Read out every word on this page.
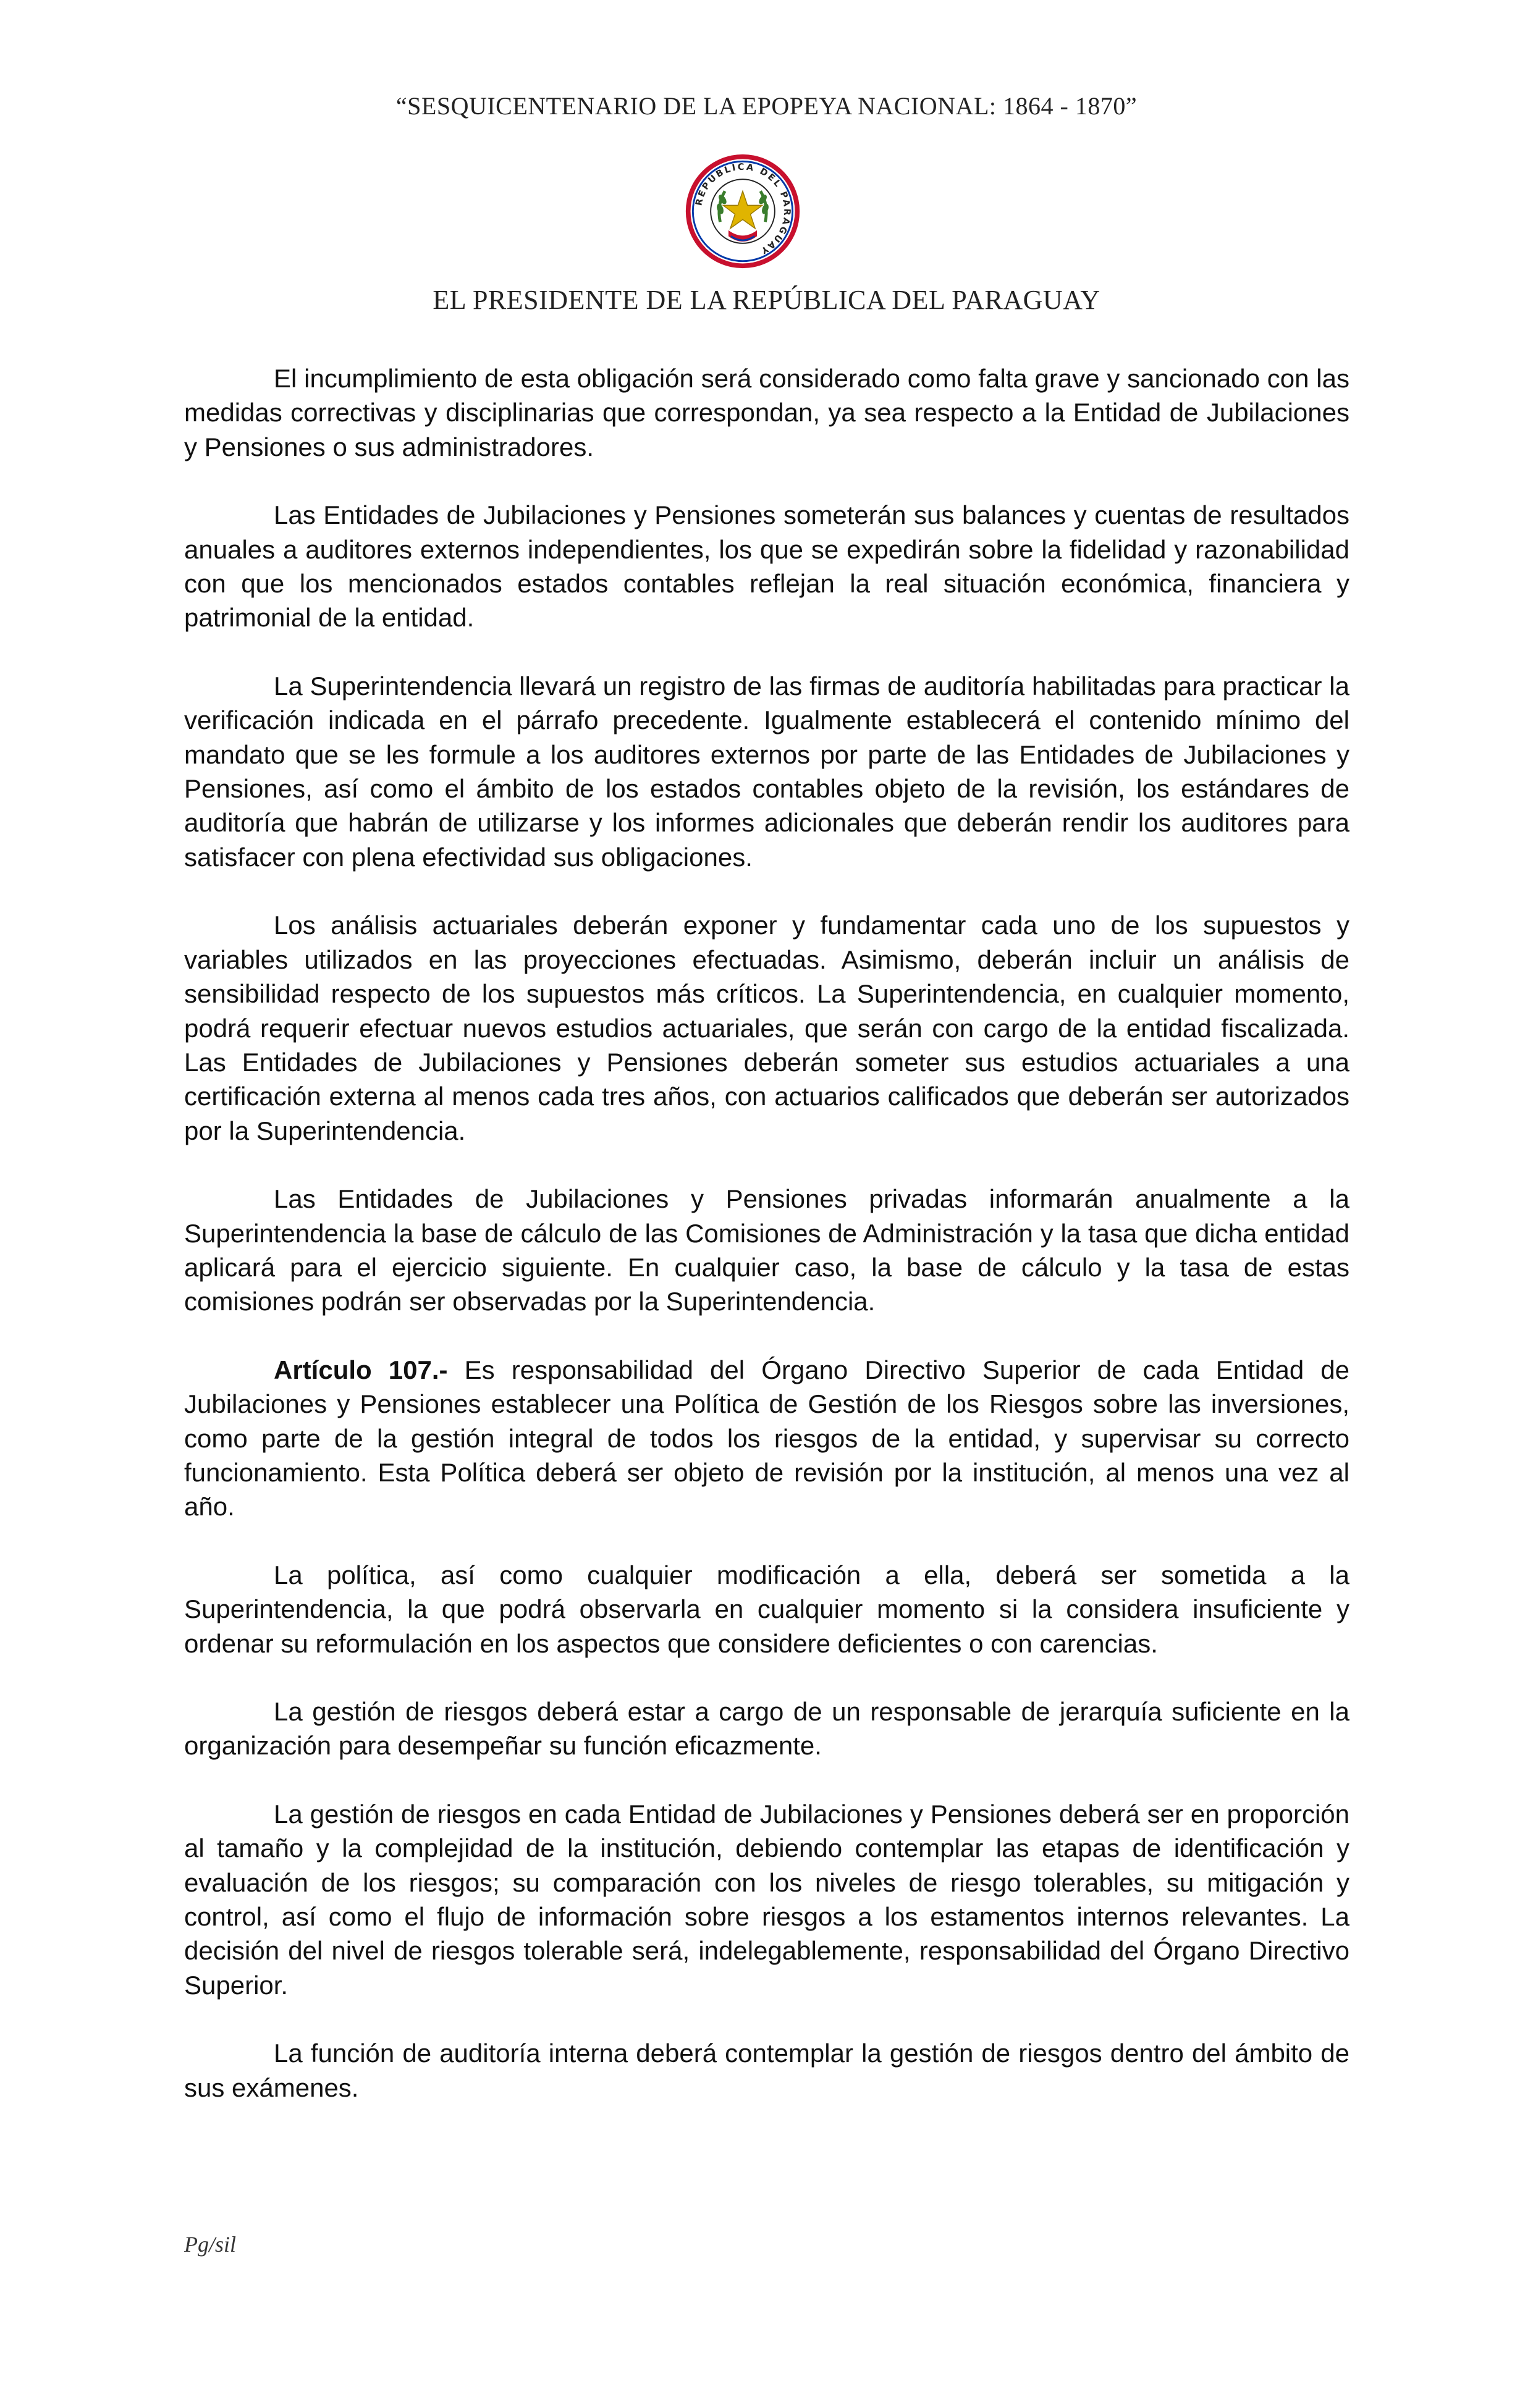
“SESQUICENTENARIO DE LA EPOPEYA NACIONAL: 1864 - 1870”
REPUBLICA DEL PARAGUAY
EL PRESIDENTE DE LA REPÚBLICA DEL PARAGUAY

El incumplimiento de esta obligación será considerado como falta grave y sancionado con las medidas correctivas y disciplinarias que correspondan, ya sea respecto a la Entidad de Jubilaciones y Pensiones o sus administradores.

Las Entidades de Jubilaciones y Pensiones someterán sus balances y cuentas de resultados anuales a auditores externos independientes, los que se expedirán sobre la fidelidad y razonabilidad con que los mencionados estados contables reflejan la real situación económica, financiera y patrimonial de la entidad.

La Superintendencia llevará un registro de las firmas de auditoría habilitadas para practicar la verificación indicada en el párrafo precedente. Igualmente establecerá el contenido mínimo del mandato que se les formule a los auditores externos por parte de las Entidades de Jubilaciones y Pensiones, así como el ámbito de los estados contables objeto de la revisión, los estándares de auditoría que habrán de utilizarse y los informes adicionales que deberán rendir los auditores para satisfacer con plena efectividad sus obligaciones.

Los análisis actuariales deberán exponer y fundamentar cada uno de los supuestos y variables utilizados en las proyecciones efectuadas. Asimismo, deberán incluir un análisis de sensibilidad respecto de los supuestos más críticos. La Superintendencia, en cualquier momento, podrá requerir efectuar nuevos estudios actuariales, que serán con cargo de la entidad fiscalizada. Las Entidades de Jubilaciones y Pensiones deberán someter sus estudios actuariales a una certificación externa al menos cada tres años, con actuarios calificados que deberán ser autorizados por la Superintendencia.

Las Entidades de Jubilaciones y Pensiones privadas informarán anualmente a la Superintendencia la base de cálculo de las Comisiones de Administración y la tasa que dicha entidad aplicará para el ejercicio siguiente. En cualquier caso, la base de cálculo y la tasa de estas comisiones podrán ser observadas por la Superintendencia.

Artículo 107.- Es responsabilidad del Órgano Directivo Superior de cada Entidad de Jubilaciones y Pensiones establecer una Política de Gestión de los Riesgos sobre las inversiones, como parte de la gestión integral de todos los riesgos de la entidad, y supervisar su correcto funcionamiento. Esta Política deberá ser objeto de revisión por la institución, al menos una vez al año.

La política, así como cualquier modificación a ella, deberá ser sometida a la Superintendencia, la que podrá observarla en cualquier momento si la considera insuficiente y ordenar su reformulación en los aspectos que considere deficientes o con carencias.

La gestión de riesgos deberá estar a cargo de un responsable de jerarquía suficiente en la organización para desempeñar su función eficazmente.

La gestión de riesgos en cada Entidad de Jubilaciones y Pensiones deberá ser en proporción al tamaño y la complejidad de la institución, debiendo contemplar las etapas de identificación y evaluación de los riesgos; su comparación con los niveles de riesgo tolerables, su mitigación y control, así como el flujo de información sobre riesgos a los estamentos internos relevantes. La decisión del nivel de riesgos tolerable será, indelegablemente, responsabilidad del Órgano Directivo Superior.

La función de auditoría interna deberá contemplar la gestión de riesgos dentro del ámbito de sus exámenes.

Pg/sil
